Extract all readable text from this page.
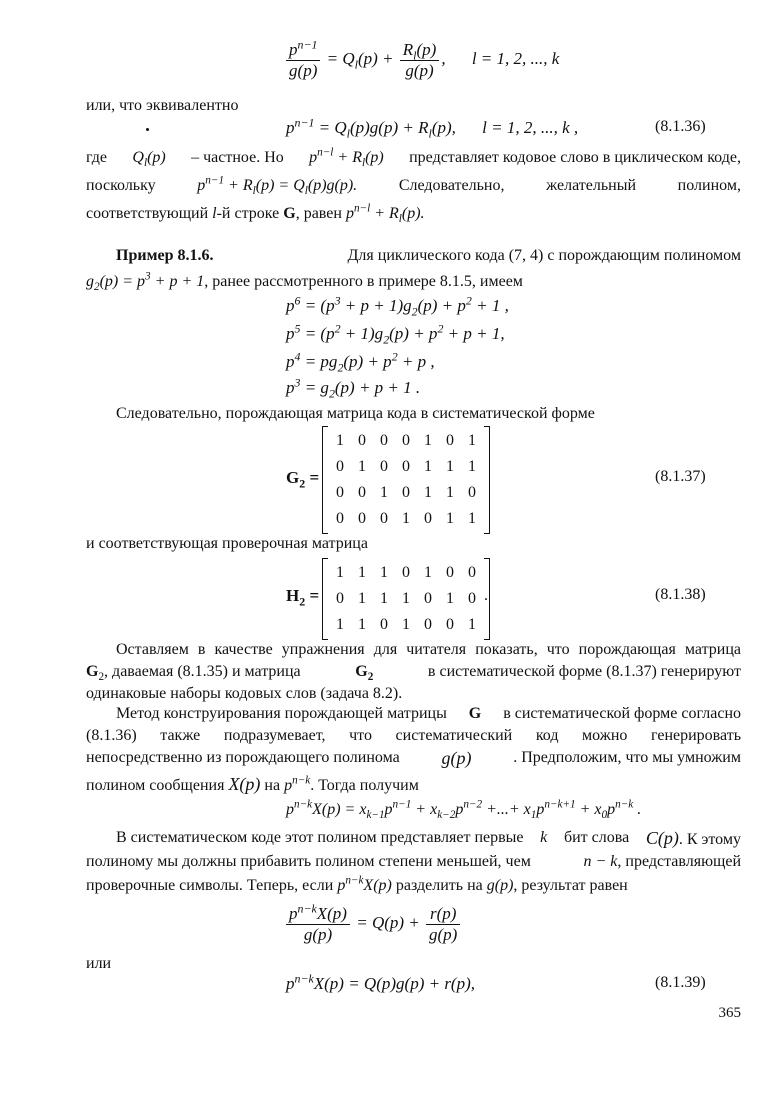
$\frac{p^{n-1}}{g(p)} = Q_l(p) + \frac{R_l(p)}{g(p)}$ , l = 1, 2, ..., k
или, что эквивалентно
$p^{n-1} = Q_l(p)g(p) + R_l(p)$, l = 1, 2, ..., k ,	(8.1.36)
где $Q_l(p)$ – частное. Но $p^{n-l} + R_l(p)$ представляет кодовое слово в циклическом коде,
поскольку	$p^{n-1} + R_l(p) = Q_l(p)g(p)$.	Следовательно,	желательный	полином,
соответствующий l-й строке G, равен $p^{n-l} + R_l(p)$.
Пример 8.1.6.	Для циклического кода (7, 4) с порождающим полиномом
$g_2(p) = p^3 + p + 1$, ранее рассмотренного в примере 8.1.5, имеем
$p^6 = (p^3 + p + 1)g_2(p) + p^2 + 1$ ,
$p^5 = (p^2 + 1)g_2(p) + p^2 + p + 1$,
$p^4 = pg_2(p) + p^2 + p$ ,
$p^3 = g_2(p) + p + 1$ .
Следовательно, порождающая матрица кода в систематической форме
$G_2$ =
1 0 0 0 1 0 1
0 1 0 0 1 1 1
0 0 1 0 1 1 0
0 0 0 1 0 1 1
(8.1.37)
и соответствующая проверочная матрица
$H_2$ =
1 1 1 0 1 0 0
0 1 1 1 0 1 0
1 1 0 1 0 0 1
.	(8.1.38)
Оставляем в качестве упражнения для читателя показать, что порождающая матрица
$G_2$, даваемая (8.1.35) и матрица	$G_2$	в систематической форме (8.1.37) генерируют
одинаковые наборы кодовых слов (задача 8.2).
Метод конструирования порождающей матрицы G в систематической форме согласно
(8.1.36) также подразумевает, что систематический код можно генерировать
непосредственно из порождающего полинома g(p)	. Предположим, что мы умножим
полином сообщения X(p) на $p^{n-k}$. Тогда получим
$p^{n-k}X(p) = x_{k-1}p^{n-1} + x_{k-2}p^{n-2}$ +...+ $x_1p^{n-k+1} + x_0p^{n-k}$ .
В систематическом коде этот полином представляет первые k бит слова C(p). К этому
полиному мы должны прибавить полином степени меньшей, чем	n − k, представляющей
проверочные символы. Теперь, если $p^{n-k}X(p)$ разделить на g(p), результат равен
$\frac{p^{n-k}X(p)}{g(p)} = Q(p) + \frac{r(p)}{g(p)}$
или
$p^{n-k}X(p) = Q(p)g(p) + r(p)$,	(8.1.39)
365
